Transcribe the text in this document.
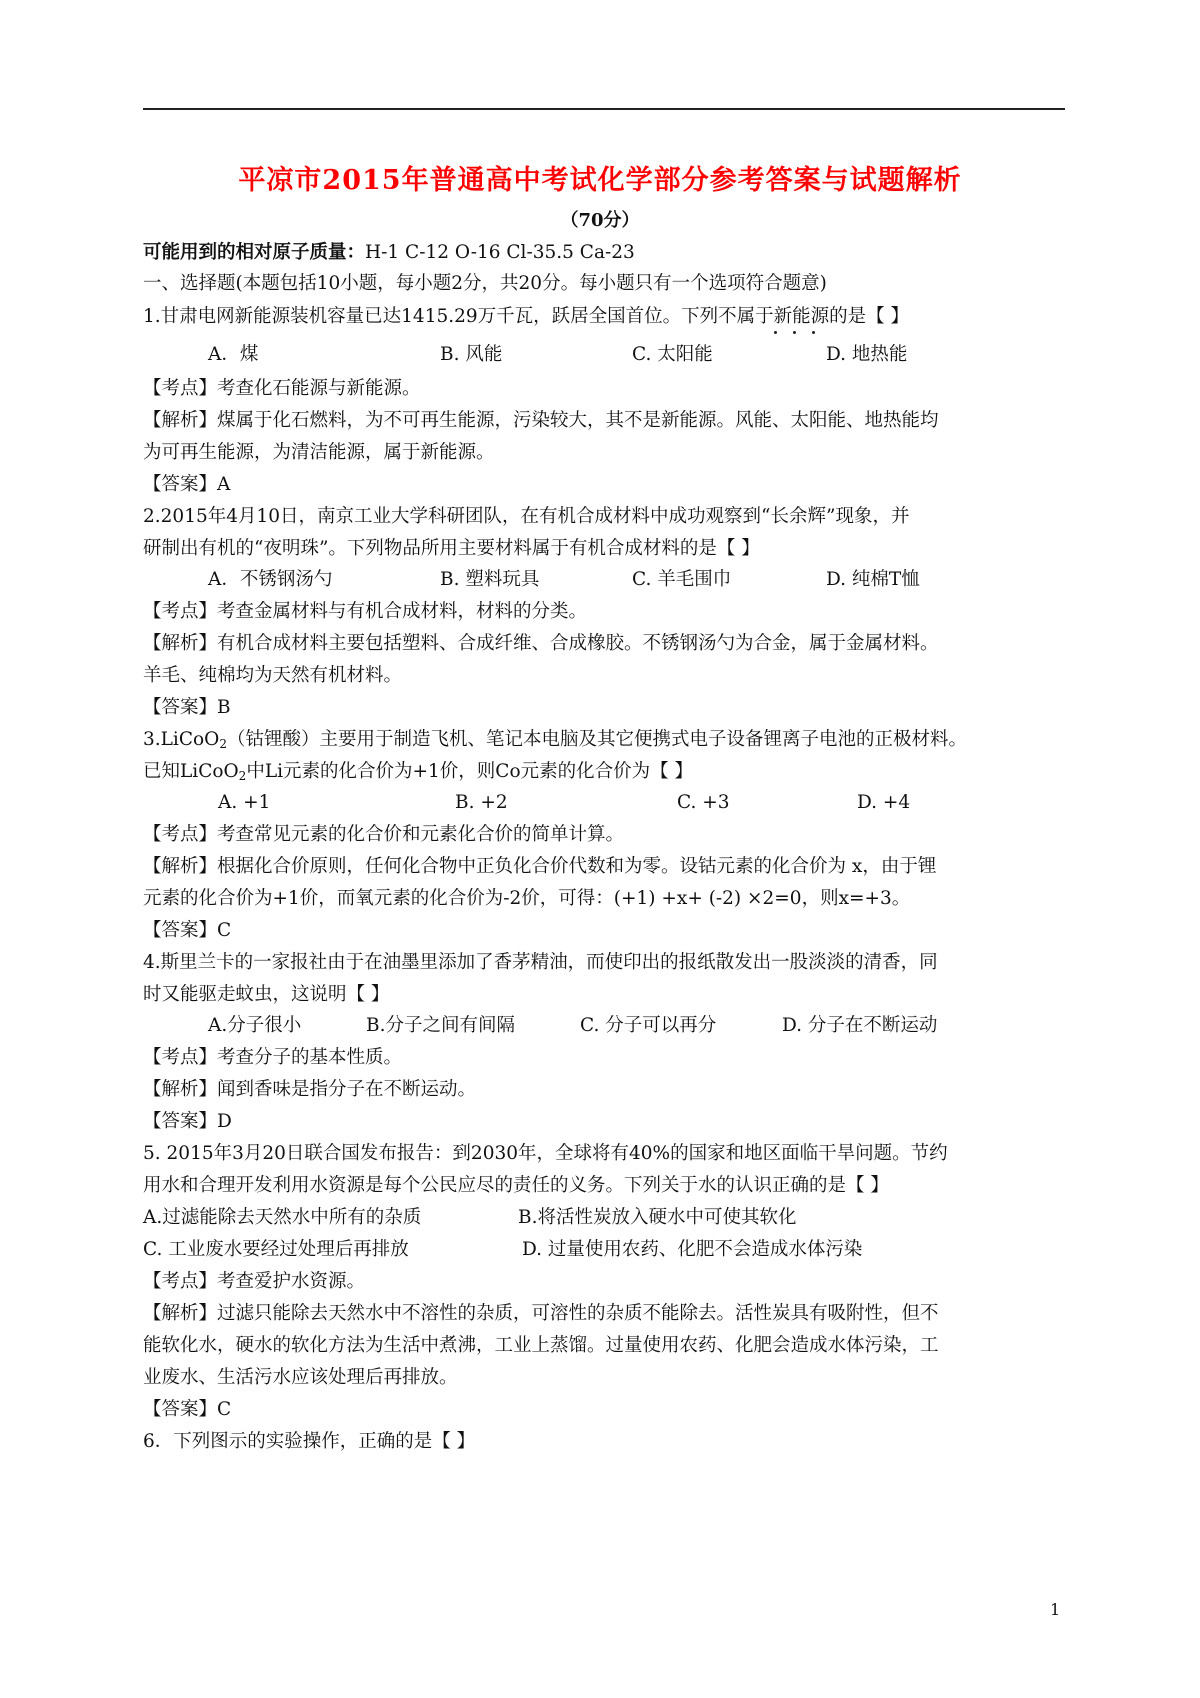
平凉市2015年普通高中考试化学部分参考答案与试题解析
（70分）
可能用到的相对原子质量：H-1 C-12 O-16 Cl-35.5 Ca-23
一、选择题(本题包括10小题，每小题2分，共20分。每小题只有一个选项符合题意)
1.甘肃电网新能源装机容量已达1415.29万千瓦，跃居全国首位。下列不属于新能源的是【 】
A．煤	B. 风能	C. 太阳能	D. 地热能
【考点】考查化石能源与新能源。
【解析】煤属于化石燃料，为不可再生能源，污染较大，其不是新能源。风能、太阳能、地热能均
为可再生能源，为清洁能源，属于新能源。
【答案】A
2.2015年4月10日，南京工业大学科研团队，在有机合成材料中成功观察到“长余辉”现象，并
研制出有机的“夜明珠”。下列物品所用主要材料属于有机合成材料的是【 】
A．不锈钢汤勺	B. 塑料玩具	C. 羊毛围巾	D. 纯棉T恤
【考点】考查金属材料与有机合成材料，材料的分类。
【解析】有机合成材料主要包括塑料、合成纤维、合成橡胶。不锈钢汤勺为合金，属于金属材料。
羊毛、纯棉均为天然有机材料。
【答案】B
3.LiCoO$_2$（钴锂酸）主要用于制造飞机、笔记本电脑及其它便携式电子设备锂离子电池的正极材料。
已知LiCoO$_2$中Li元素的化合价为+1价，则Co元素的化合价为【 】
A. +1	B. +2	C. +3	D. +4
【考点】考查常见元素的化合价和元素化合价的简单计算。
【解析】根据化合价原则，任何化合物中正负化合价代数和为零。设钴元素的化合价为 x，由于锂
元素的化合价为+1价，而氧元素的化合价为-2价，可得：(+1) +x+ (-2) ×2=0，则x=+3。
【答案】C
4.斯里兰卡的一家报社由于在油墨里添加了香茅精油，而使印出的报纸散发出一股淡淡的清香，同
时又能驱走蚊虫，这说明【 】
A.分子很小	B.分子之间有间隔	C. 分子可以再分	D. 分子在不断运动
【考点】考查分子的基本性质。
【解析】闻到香味是指分子在不断运动。
【答案】D
5. 2015年3月20日联合国发布报告：到2030年，全球将有40%的国家和地区面临干旱问题。节约
用水和合理开发利用水资源是每个公民应尽的责任的义务。下列关于水的认识正确的是【 】
A.过滤能除去天然水中所有的杂质	B.将活性炭放入硬水中可使其软化
C. 工业废水要经过处理后再排放	D. 过量使用农药、化肥不会造成水体污染
【考点】考查爱护水资源。
【解析】过滤只能除去天然水中不溶性的杂质，可溶性的杂质不能除去。活性炭具有吸附性，但不
能软化水，硬水的软化方法为生活中煮沸，工业上蒸馏。过量使用农药、化肥会造成水体污染，工
业废水、生活污水应该处理后再排放。
【答案】C
6．下列图示的实验操作，正确的是【 】
1
